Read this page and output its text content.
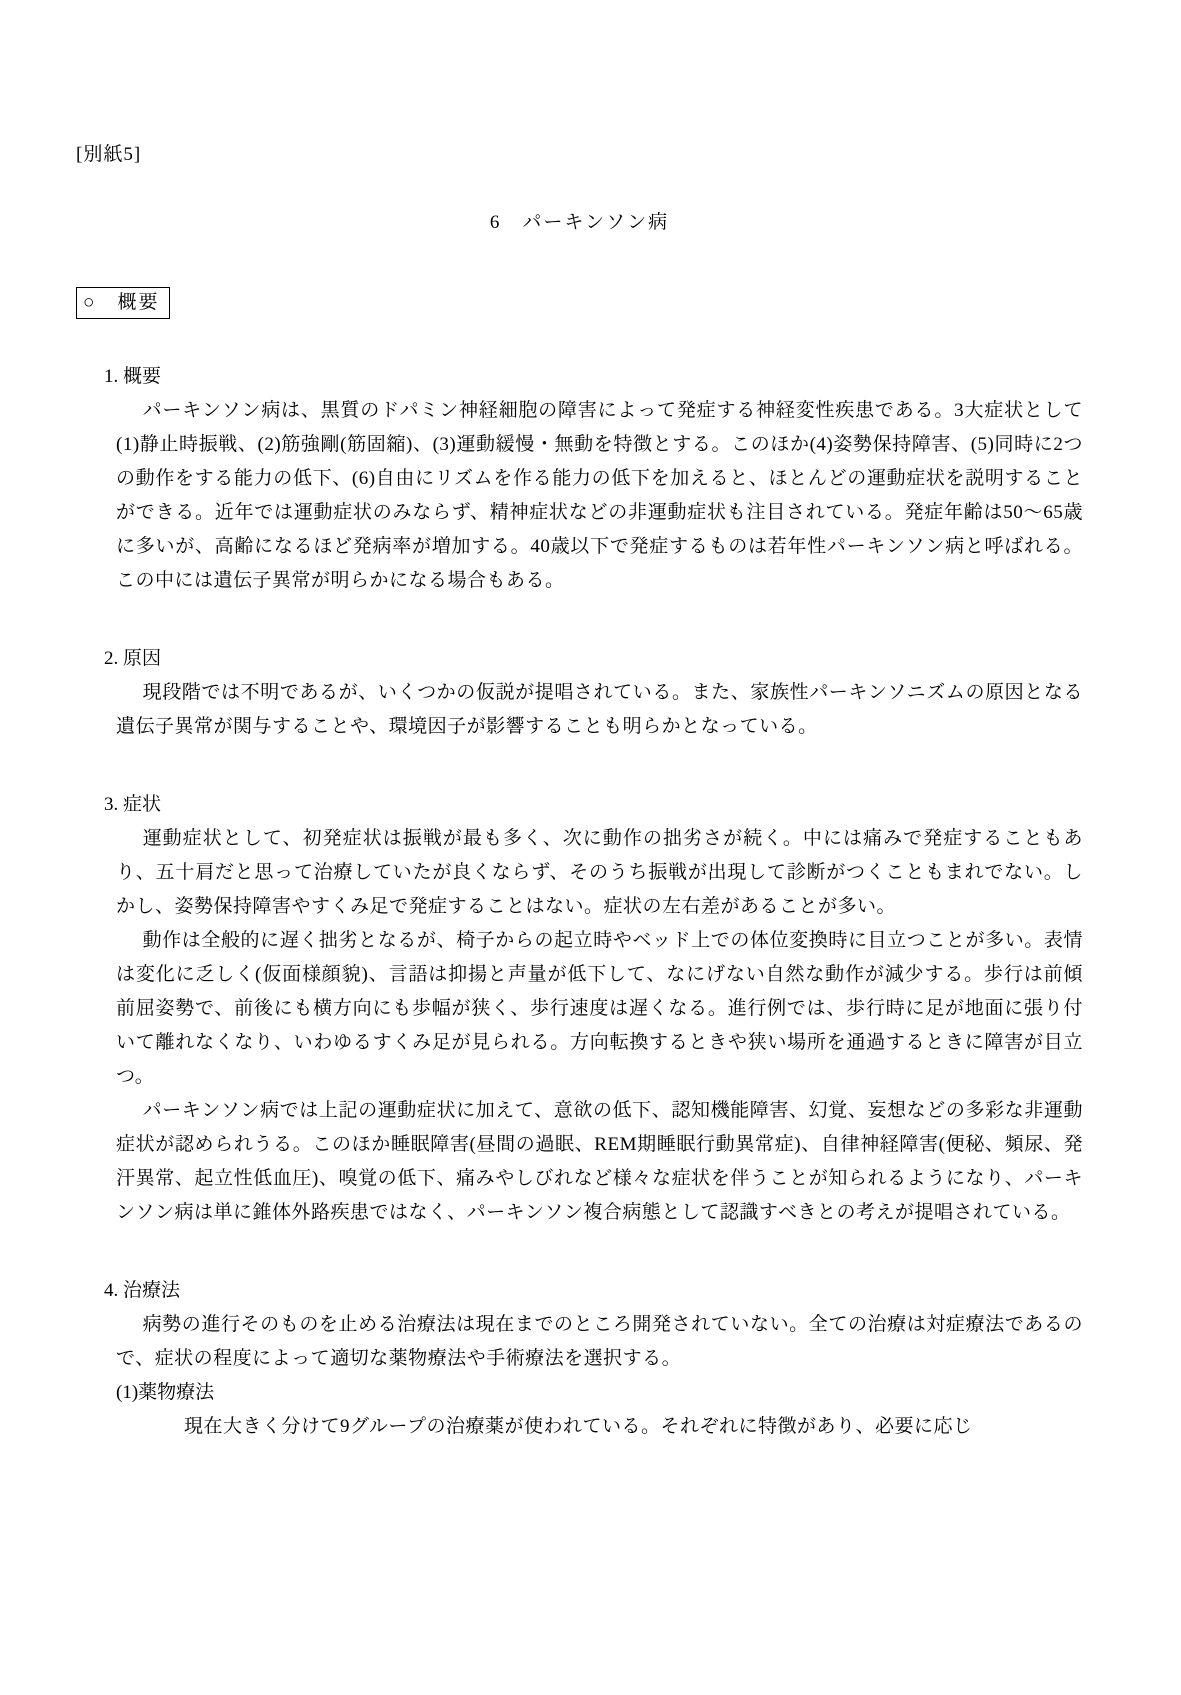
[別紙5]
6　パーキンソン病
○　概要
1. 概要

パーキンソン病は、黒質のドパミン神経細胞の障害によって発症する神経変性疾患である。3大症状として(1)静止時振戦、(2)筋強剛(筋固縮)、(3)運動緩慢・無動を特徴とする。このほか(4)姿勢保持障害、(5)同時に2つの動作をする能力の低下、(6)自由にリズムを作る能力の低下を加えると、ほとんどの運動症状を説明することができる。近年では運動症状のみならず、精神症状などの非運動症状も注目されている。発症年齢は50〜65歳に多いが、高齢になるほど発病率が増加する。40歳以下で発症するものは若年性パーキンソン病と呼ばれる。この中には遺伝子異常が明らかになる場合もある。

2. 原因

現段階では不明であるが、いくつかの仮説が提唱されている。また、家族性パーキンソニズムの原因となる遺伝子異常が関与することや、環境因子が影響することも明らかとなっている。

3. 症状

運動症状として、初発症状は振戦が最も多く、次に動作の拙劣さが続く。中には痛みで発症することもあり、五十肩だと思って治療していたが良くならず、そのうち振戦が出現して診断がつくこともまれでない。しかし、姿勢保持障害やすくみ足で発症することはない。症状の左右差があることが多い。

動作は全般的に遅く拙劣となるが、椅子からの起立時やベッド上での体位変換時に目立つことが多い。表情は変化に乏しく(仮面様顔貌)、言語は抑揚と声量が低下して、なにげない自然な動作が減少する。歩行は前傾前屈姿勢で、前後にも横方向にも歩幅が狭く、歩行速度は遅くなる。進行例では、歩行時に足が地面に張り付いて離れなくなり、いわゆるすくみ足が見られる。方向転換するときや狭い場所を通過するときに障害が目立つ。

パーキンソン病では上記の運動症状に加えて、意欲の低下、認知機能障害、幻覚、妄想などの多彩な非運動症状が認められうる。このほか睡眠障害(昼間の過眠、REM期睡眠行動異常症)、自律神経障害(便秘、頻尿、発汗異常、起立性低血圧)、嗅覚の低下、痛みやしびれなど様々な症状を伴うことが知られるようになり、パーキンソン病は単に錐体外路疾患ではなく、パーキンソン複合病態として認識すべきとの考えが提唱されている。

4. 治療法

病勢の進行そのものを止める治療法は現在までのところ開発されていない。全ての治療は対症療法であるので、症状の程度によって適切な薬物療法や手術療法を選択する。

(1)薬物療法

現在大きく分けて9グループの治療薬が使われている。それぞれに特徴があり、必要に応じ
